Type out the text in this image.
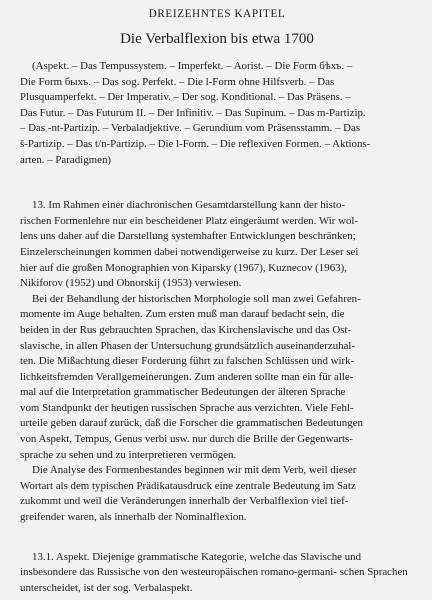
DREIZEHNTES KAPITEL

Die Verbalflexion bis etwa 1700
(Aspekt. – Das Tempussystem. – Imperfekt. – Aorist. – Die Form бѣхъ. –
Die Form быхъ. – Das sog. Perfekt. – Die l-Form ohne Hilfsverb. – Das
Plusquamperfekt. – Der Imperativ. – Der sog. Konditional. – Das Präsens. –
Das Futur. – Das Futurum II. – Der Infinitiv. – Das Supinum. – Das m-Partizip.
– Das -nt-Partizip. – Verbaladjektive. – Gerundium vom Präsensstamm. – Das
š-Partizip. – Das t/n-Partizip. – Die l-Form. – Die reflexiven Formen. – Aktions-
arten. – Paradigmen)
13. Im Rahmen einer diachronischen Gesamtdarstellung kann der histo-
rischen Formenlehre nur ein bescheidener Platz eingeräumt werden. Wir wol-
lens uns daher auf die Darstellung systemhafter Entwicklungen beschränken;
Einzelerscheinungen kommen dabei notwendigerweise zu kurz. Der Leser sei
hier auf die großen Monographien von Kiparsky (1967), Kuznecov (1963),
Nikiforov (1952) und Obnorskij (1953) verwiesen.
Bei der Behandlung der historischen Morphologie soll man zwei Gefahren-
momente im Auge behalten. Zum ersten muß man darauf bedacht sein, die
beiden in der Rus gebrauchten Sprachen, das Kirchenslavische und das Ost-
slavische, in allen Phasen der Untersuchung grundsätzlich auseinanderzuhal-
ten. Die Mißachtung dieser Forderung führt zu falschen Schlüssen und wirk-
lichkeitsfremden Verallgemeinerungen. Zum anderen sollte man ein für alle-
mal auf die Interpretation grammatischer Bedeutungen der älteren Sprache
vom Standpunkt der heutigen russischen Sprache aus verzichten. Viele Fehl-
urteile geben darauf zurück, daß die Forscher die grammatischen Bedeutungen
von Aspekt, Tempus, Genus verbi usw. nur durch die Brille der Gegenwarts-
sprache zu sehen und zu interpretieren vermögen.
Die Analyse des Formenbestandes beginnen wir mit dem Verb, weil dieser
Wortart als dem typischen Prädikatausdruck eine zentrale Bedeutung im Satz
zukommt und weil die Veränderungen innerhalb der Verbalflexion viel tief-
greifender waren, als innerhalb der Nominalflexion.
13.1. Aspekt. Diejenige grammatische Kategorie, welche das Slavische und insbesondere das Russische von den westeuropäischen romano-germani- schen Sprachen unterscheidet, ist der sog. Verbalaspekt.
